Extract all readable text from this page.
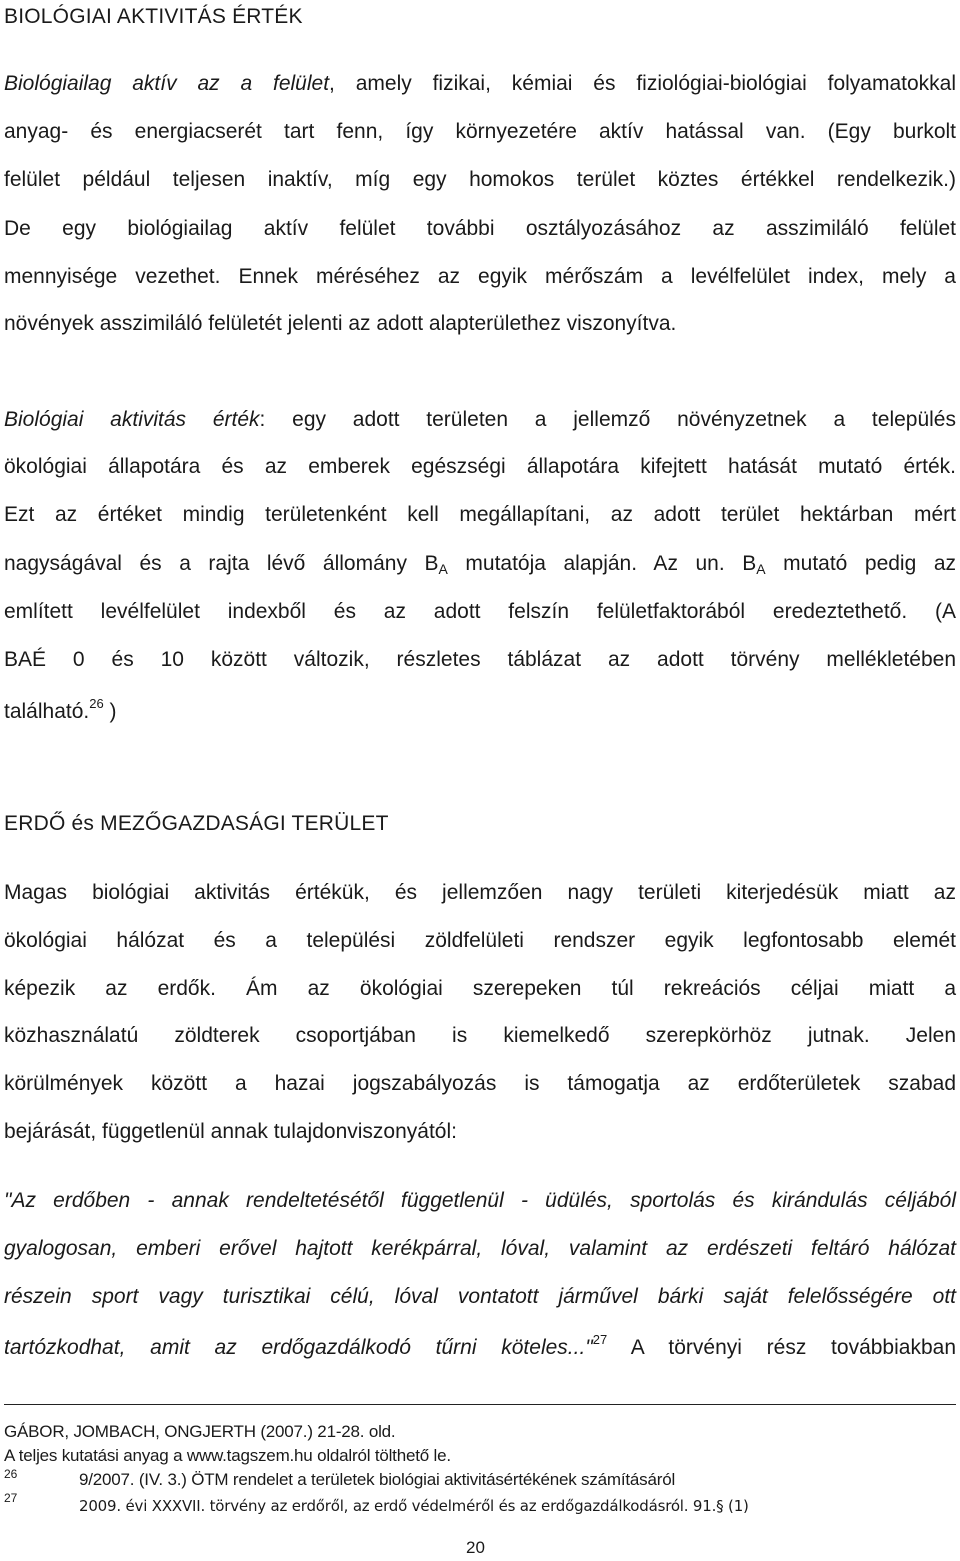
BIOLÓGIAI AKTIVITÁS ÉRTÉK
Biológiailag aktív az a felület, amely fizikai, kémiai és fiziológiai-biológiai folyamatokkal
anyag- és energiacserét tart fenn, így környezetére aktív hatással van. (Egy burkolt
felület például teljesen inaktív, míg egy homokos terület köztes értékkel rendelkezik.)
De egy biológiailag aktív felület további osztályozásához az asszimiláló felület
mennyisége vezethet. Ennek méréséhez az egyik mérőszám a levélfelület index, mely a
növények asszimiláló felületét jelenti az adott alapterülethez viszonyítva.
Biológiai aktivitás érték: egy adott területen a jellemző növényzetnek a település
ökológiai állapotára és az emberek egészségi állapotára kifejtett hatását mutató érték.
Ezt az értéket mindig területenként kell megállapítani, az adott terület hektárban mért
nagyságával és a rajta lévő állomány $B_A$ mutatója alapján. Az un. $B_A$ mutató pedig az
említett levélfelület indexből és az adott felszín felületfaktorából eredeztethető. (A
BAÉ 0 és 10 között változik, részletes táblázat az adott törvény mellékletében
található.$^{26}$ )
ERDŐ és MEZŐGAZDASÁGI TERÜLET
Magas biológiai aktivitás értékük, és jellemzően nagy területi kiterjedésük miatt az
ökológiai hálózat és a települési zöldfelületi rendszer egyik legfontosabb elemét
képezik az erdők. Ám az ökológiai szerepeken túl rekreációs céljai miatt a
közhasználatú zöldterek csoportjában is kiemelkedő szerepkörhöz jutnak. Jelen
körülmények között a hazai jogszabályozás is támogatja az erdőterületek szabad
bejárását, függetlenül annak tulajdonviszonyától:
"Az erdőben - annak rendeltetésétől függetlenül - üdülés, sportolás és kirándulás céljából
gyalogosan, emberi erővel hajtott kerékpárral, lóval, valamint az erdészeti feltáró hálózat
részein sport vagy turisztikai célú, lóval vontatott járművel bárki saját felelősségére ott
tartózkodhat, amit az erdőgazdálkodó tűrni köteles..."$^{27}$ A törvényi rész továbbiakban
GÁBOR, JOMBACH, ONGJERTH (2007.) 21-28. old.
A teljes kutatási anyag a www.tagszem.hu oldalról tölthető le.
26	9/2007. (IV. 3.) ÖTM rendelet a területek biológiai aktivitásértékének számításáról
27	2009. évi XXXVII. törvény az erdőről, az erdő védelméről és az erdőgazdálkodásról. 91.§ (1)
20
